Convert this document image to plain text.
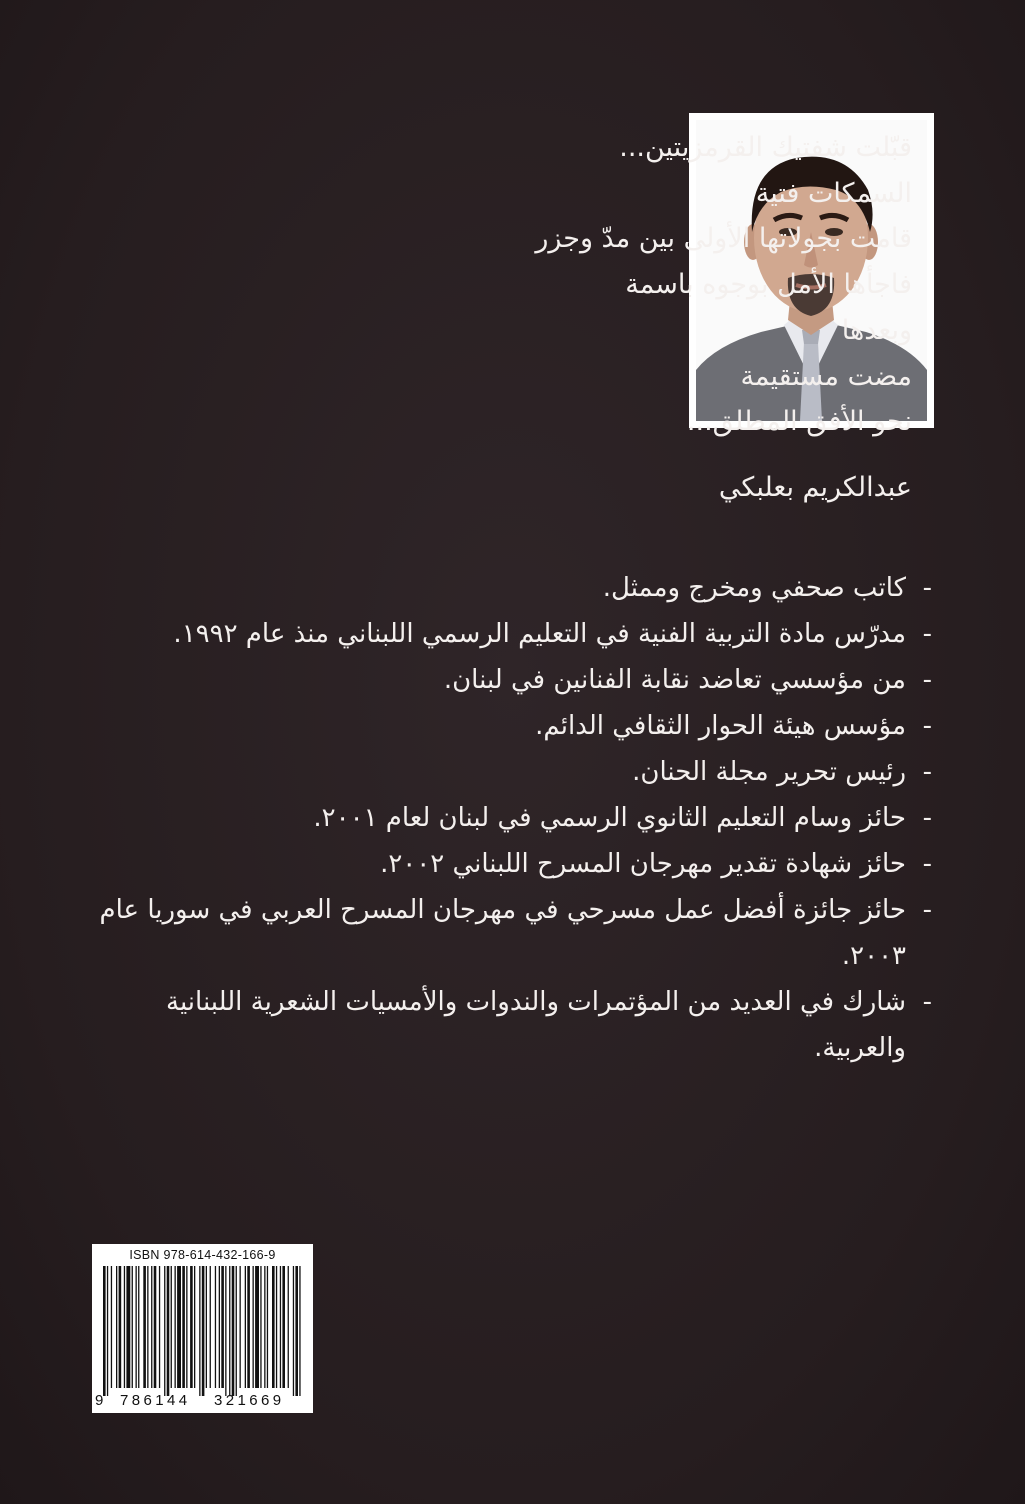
قبّلت شفتيك القرمزيتين...
السمكات فتية
قامت بجولاتها الأولى بين مدّ وجزر
فاجأها الأمل بوجوه باسمة
وبعدها
مضت مستقيمة
نحو الأفق المطلق...
عبدالكريم بعلبكي
- كاتب صحفي ومخرج وممثل.
- مدرّس مادة التربية الفنية في التعليم الرسمي اللبناني منذ عام ١٩٩٢.
- من مؤسسي تعاضد نقابة الفنانين في لبنان.
- مؤسس هيئة الحوار الثقافي الدائم.
- رئيس تحرير مجلة الحنان.
- حائز وسام التعليم الثانوي الرسمي في لبنان لعام ٢٠٠١.
- حائز شهادة تقدير مهرجان المسرح اللبناني ٢٠٠٢.
- حائز جائزة أفضل عمل مسرحي في مهرجان المسرح العربي في سوريا عام ٢٠٠٣.
- شارك في العديد من المؤتمرات والندوات والأمسيات الشعرية اللبنانية والعربية.
ISBN 978-614-432-166-9
9 786144 321669
